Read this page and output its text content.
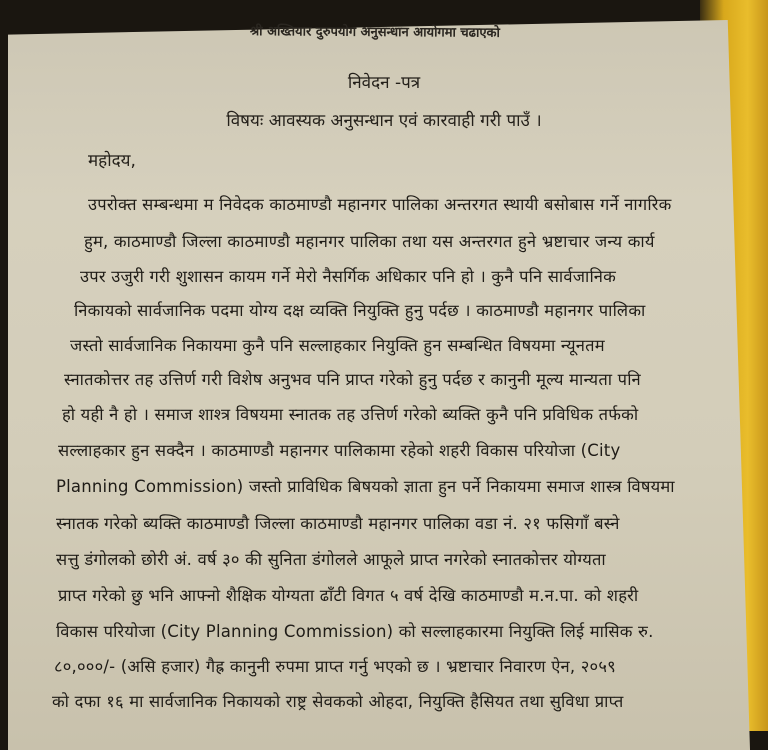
श्री अख्तियार दुरुपयोग अनुसन्धान आयोगमा चढाएको
निवेदन -पत्र
विषयः आवस्यक अनुसन्धान एवं कारवाही गरी पाउँ ।
महोदय,
उपरोक्त सम्बन्धमा म निवेदक काठमाण्डौ महानगर पालिका अन्तरगत स्थायी बसोबास गर्ने नागरिक
हुम, काठमाण्डौ जिल्ला काठमाण्डौ महानगर पालिका तथा यस अन्तरगत हुने भ्रष्टाचार जन्य कार्य
उपर उजुरी गरी शुशासन कायम गर्ने मेरो नैसर्गिक अधिकार पनि हो । कुनै पनि सार्वजानिक
निकायको सार्वजानिक पदमा योग्य दक्ष व्यक्ति नियुक्ति हुनु पर्दछ । काठमाण्डौ महानगर पालिका
जस्तो सार्वजानिक निकायमा कुनै पनि सल्लाहकार नियुक्ति हुन सम्बन्धित विषयमा न्यूनतम
स्नातकोत्तर तह उत्तिर्ण गरी विशेष अनुभव पनि प्राप्त गरेको हुनु पर्दछ र कानुनी मूल्य मान्यता पनि
हो यही नै हो । समाज शाश्त्र विषयमा स्नातक तह उत्तिर्ण गरेको ब्यक्ति कुनै पनि प्रविधिक तर्फको
सल्लाहकार हुन सक्दैन । काठमाण्डौ महानगर पालिकामा रहेको शहरी विकास परियोजा (City
Planning Commission) जस्तो प्राविधिक बिषयको ज्ञाता हुन पर्ने निकायमा समाज शास्त्र विषयमा
स्नातक गरेको ब्यक्ति काठमाण्डौ जिल्ला काठमाण्डौ महानगर पालिका वडा नं. २१ फसिगाँ बस्ने
सत्तु डंगोलको छोरी अं. वर्ष ३० की सुनिता डंगोलले आफूले प्राप्त नगरेको स्नातकोत्तर योग्यता
प्राप्त गरेको छु भनि आफ्नो शैक्षिक योग्यता ढाँटी विगत ५ वर्ष देखि काठमाण्डौ म.न.पा. को शहरी
विकास परियोजा (City Planning Commission) को सल्लाहकारमा नियुक्ति लिई मासिक रु.
८०,०००/- (असि हजार) गैह्र कानुनी रुपमा प्राप्त गर्नु भएको छ । भ्रष्टाचार निवारण ऐन, २०५९
को दफा १६ मा सार्वजानिक निकायको राष्ट्र सेवकको ओहदा, नियुक्ति हैसियत तथा सुविधा प्राप्त
